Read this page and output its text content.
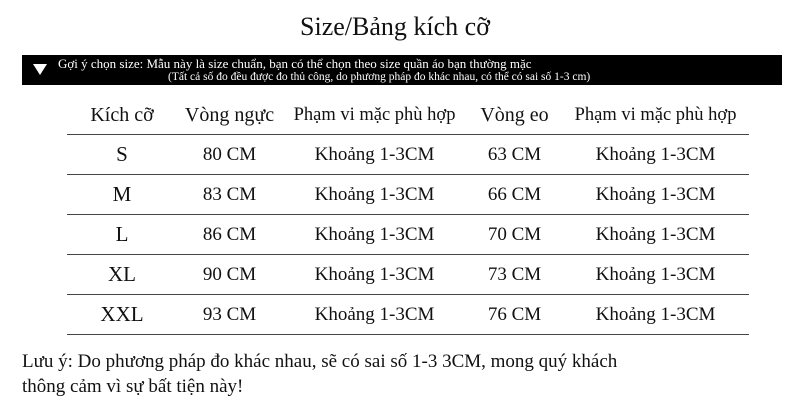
Size/Bảng kích cỡ
Gợi ý chọn size: Mẫu này là size chuẩn, bạn có thể chọn theo size quần áo bạn thường mặc
(Tất cả số đo đều được đo thủ công, do phương pháp đo khác nhau, có thể có sai số 1-3 cm)
Kích cỡ	Vòng ngực	Phạm vi mặc phù hợp	Vòng eo	Phạm vi mặc phù hợp
S	80 CM	Khoảng 1-3CM	63 CM	Khoảng 1-3CM
M	83 CM	Khoảng 1-3CM	66 CM	Khoảng 1-3CM
L	86 CM	Khoảng 1-3CM	70 CM	Khoảng 1-3CM
XL	90 CM	Khoảng 1-3CM	73 CM	Khoảng 1-3CM
XXL	93 CM	Khoảng 1-3CM	76 CM	Khoảng 1-3CM
Lưu ý: Do phương pháp đo khác nhau, sẽ có sai số 1-3 3CM, mong quý khách
thông cảm vì sự bất tiện này!
